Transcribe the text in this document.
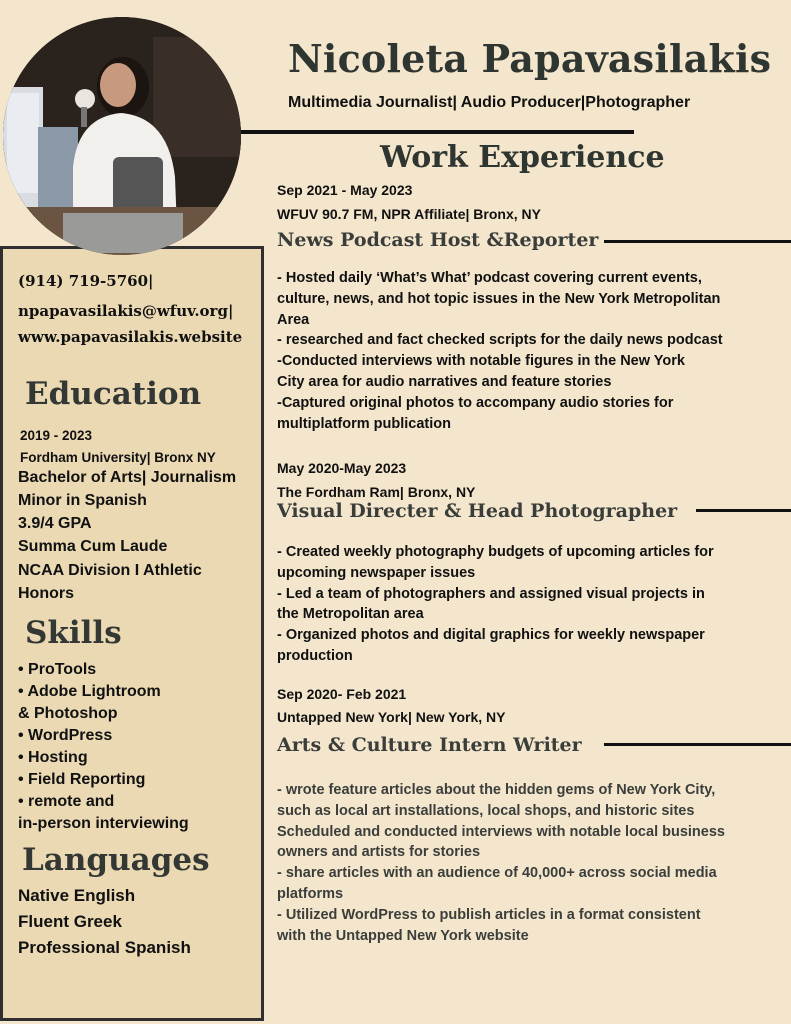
(914) 719-5760|
npapavasilakis@wfuv.org|
www.papavasilakis.website
Education
2019 - 2023
Fordham University| Bronx NY
Bachelor of Arts| Journalism
Minor in Spanish
3.9/4 GPA
Summa Cum Laude
NCAA Division I Athletic
Honors
Skills
• ProTools
• Adobe Lightroom
& Photoshop
• WordPress
• Hosting
• Field Reporting
• remote and
in-person interviewing
Languages
Native English
Fluent Greek
Professional Spanish
Nicoleta Papavasilakis
Multimedia Journalist| Audio Producer|Photographer
Work Experience
Sep 2021 - May 2023
WFUV 90.7 FM, NPR Affiliate| Bronx, NY
News Podcast Host &Reporter
- Hosted daily ‘What’s What’ podcast covering current events,
culture, news, and hot topic issues in the New York Metropolitan
Area
- researched and fact checked scripts for the daily news podcast
-Conducted interviews with notable figures in the New York
City area for audio narratives and feature stories
-Captured original photos to accompany audio stories for
multiplatform publication
May 2020-May 2023
The Fordham Ram| Bronx, NY
Visual Directer & Head Photographer
- Created weekly photography budgets of upcoming articles for
upcoming newspaper issues
- Led a team of photographers and assigned visual projects in
the Metropolitan area
- Organized photos and digital graphics for weekly newspaper
production
Sep 2020- Feb 2021
Untapped New York| New York, NY
Arts & Culture Intern Writer
- wrote feature articles about the hidden gems of New York City,
such as local art installations, local shops, and historic sites
Scheduled and conducted interviews with notable local business
owners and artists for stories
- share articles with an audience of 40,000+ across social media
platforms
- Utilized WordPress to publish articles in a format consistent
with the Untapped New York website
